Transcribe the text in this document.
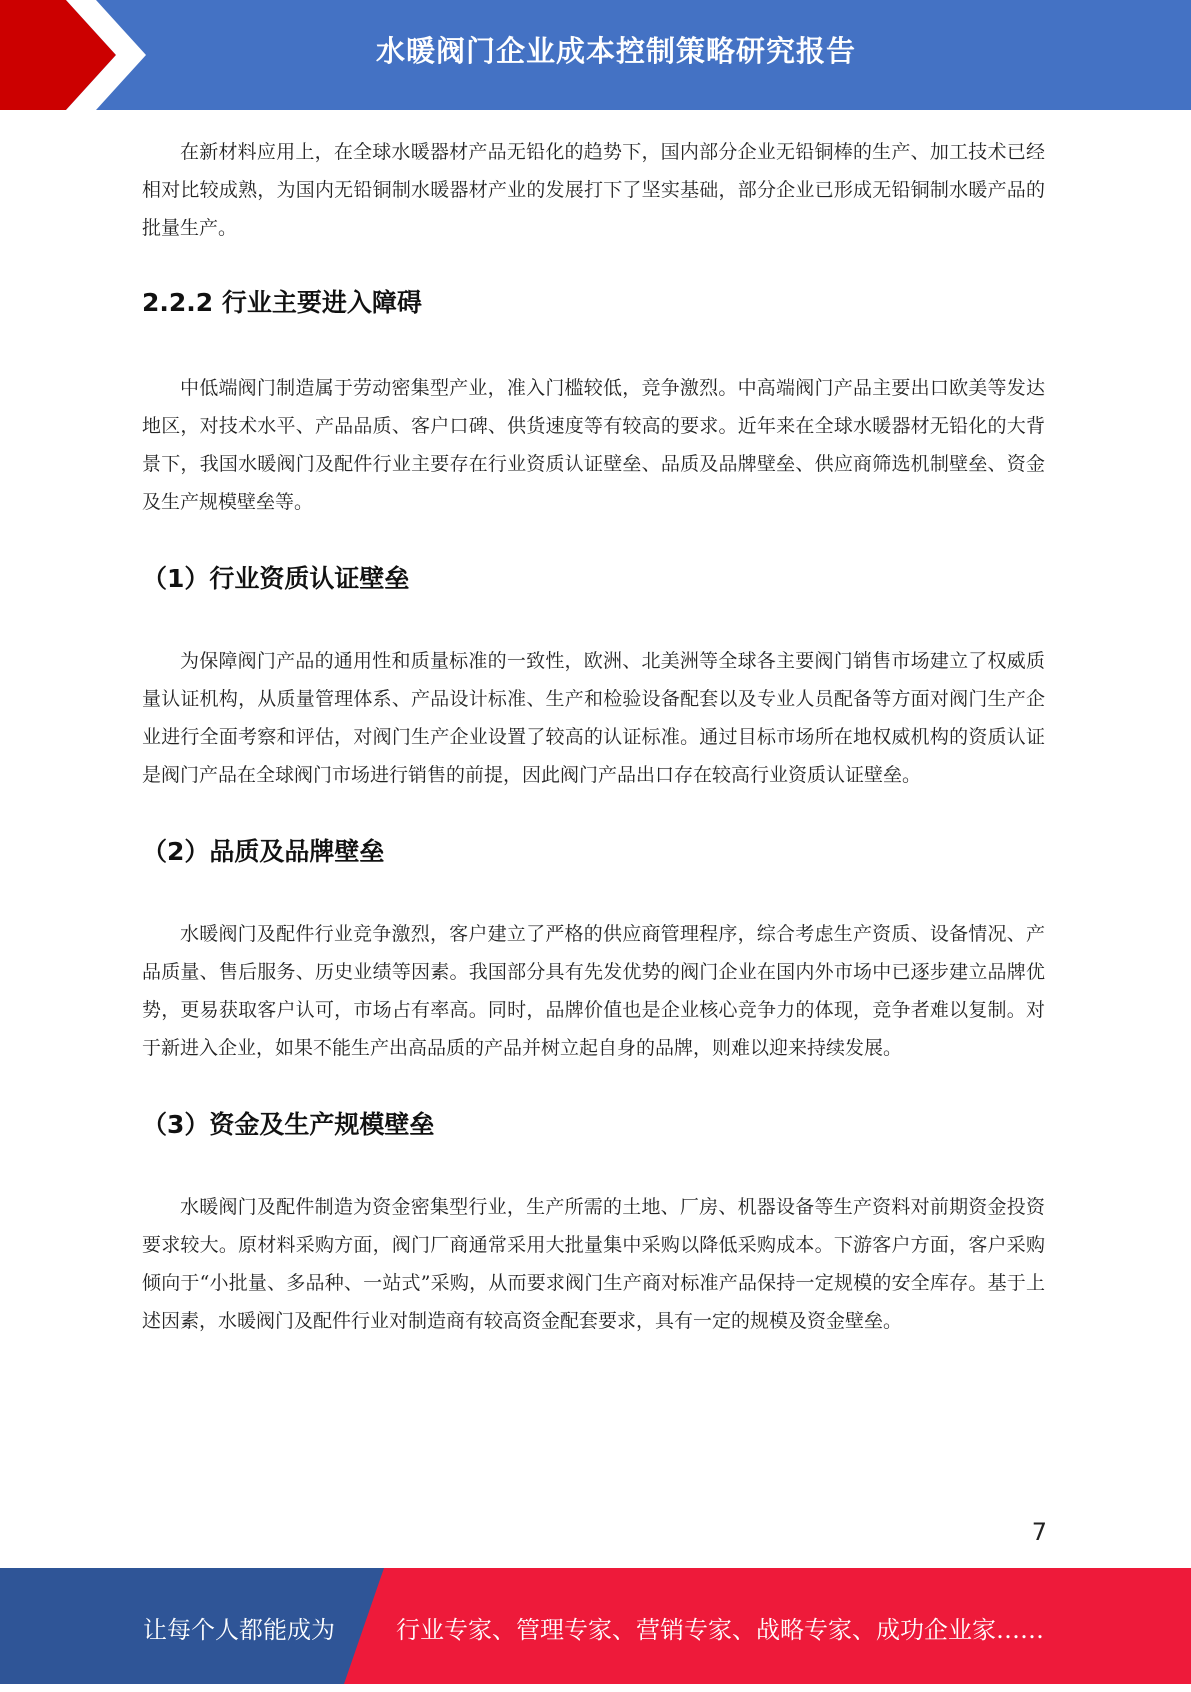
水暖阀门企业成本控制策略研究报告

在新材料应用上，在全球水暖器材产品无铅化的趋势下，国内部分企业无铅铜棒的生产、加工技术已经相对比较成熟，为国内无铅铜制水暖器材产业的发展打下了坚实基础，部分企业已形成无铅铜制水暖产品的批量生产。

2.2.2 行业主要进入障碍

中低端阀门制造属于劳动密集型产业，准入门槛较低，竞争激烈。中高端阀门产品主要出口欧美等发达地区，对技术水平、产品品质、客户口碑、供货速度等有较高的要求。近年来在全球水暖器材无铅化的大背景下，我国水暖阀门及配件行业主要存在行业资质认证壁垒、品质及品牌壁垒、供应商筛选机制壁垒、资金及生产规模壁垒等。

（1）行业资质认证壁垒

为保障阀门产品的通用性和质量标准的一致性，欧洲、北美洲等全球各主要阀门销售市场建立了权威质量认证机构，从质量管理体系、产品设计标准、生产和检验设备配套以及专业人员配备等方面对阀门生产企业进行全面考察和评估，对阀门生产企业设置了较高的认证标准。通过目标市场所在地权威机构的资质认证是阀门产品在全球阀门市场进行销售的前提，因此阀门产品出口存在较高行业资质认证壁垒。

（2）品质及品牌壁垒

水暖阀门及配件行业竞争激烈，客户建立了严格的供应商管理程序，综合考虑生产资质、设备情况、产品质量、售后服务、历史业绩等因素。我国部分具有先发优势的阀门企业在国内外市场中已逐步建立品牌优势，更易获取客户认可，市场占有率高。同时，品牌价值也是企业核心竞争力的体现，竞争者难以复制。对于新进入企业，如果不能生产出高品质的产品并树立起自身的品牌，则难以迎来持续发展。

（3）资金及生产规模壁垒

水暖阀门及配件制造为资金密集型行业，生产所需的土地、厂房、机器设备等生产资料对前期资金投资要求较大。原材料采购方面，阀门厂商通常采用大批量集中采购以降低采购成本。下游客户方面，客户采购倾向于“小批量、多品种、一站式”采购，从而要求阀门生产商对标准产品保持一定规模的安全库存。基于上述因素，水暖阀门及配件行业对制造商有较高资金配套要求，具有一定的规模及资金壁垒。

7
让每个人都能成为	行业专家、管理专家、营销专家、战略专家、成功企业家……
